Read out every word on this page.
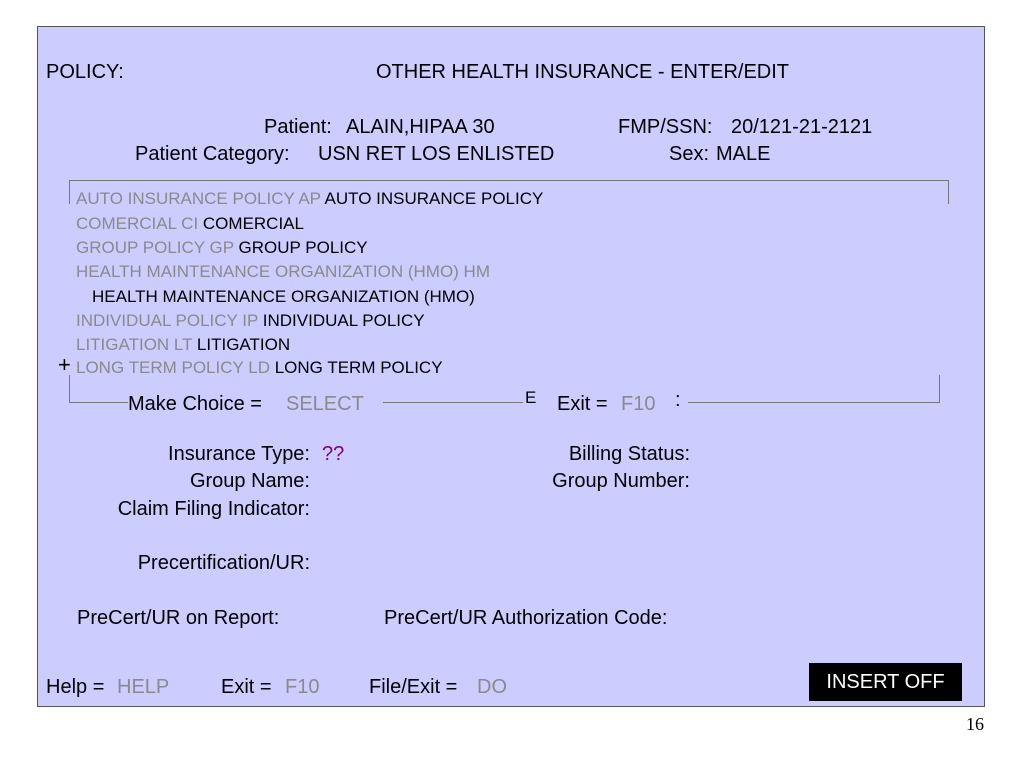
POLICY:	OTHER HEALTH INSURANCE - ENTER/EDIT
Patient: ALAIN,HIPAA 30	FMP/SSN: 20/121-21-2121
Patient Category: USN RET LOS ENLISTED	Sex: MALE
AUTO INSURANCE POLICY AP AUTO INSURANCE POLICY
COMERCIAL CI COMERCIAL
GROUP POLICY GP GROUP POLICY
HEALTH MAINTENANCE ORGANIZATION (HMO) HM
HEALTH MAINTENANCE ORGANIZATION (HMO)
INDIVIDUAL POLICY IP INDIVIDUAL POLICY
LITIGATION LT LITIGATION
+ LONG TERM POLICY LD LONG TERM POLICY
Make Choice = SELECT	E Exit = F10 :
Insurance Type: ??	Billing Status:
Group Name:	Group Number:
Claim Filing Indicator:
Precertification/UR:
PreCert/UR on Report:	PreCert/UR Authorization Code:
Help = HELP	Exit = F10 File/Exit = DO	INSERT OFF
16
